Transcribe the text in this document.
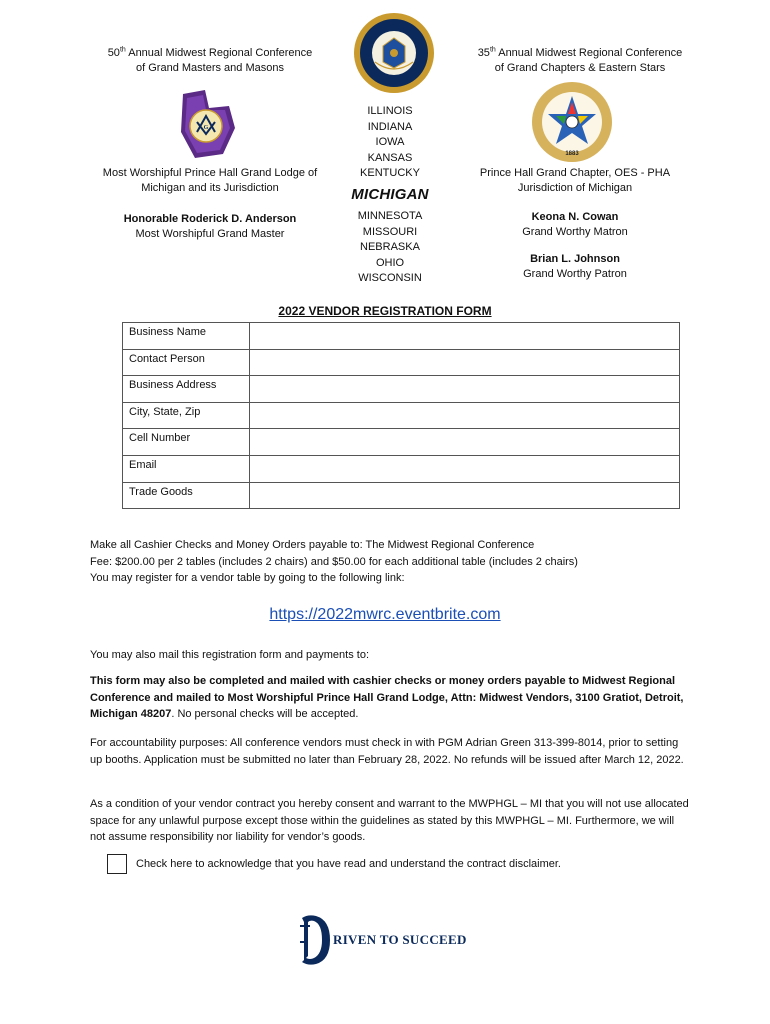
50th Annual Midwest Regional Conference
of Grand Masters and Masons
35th Annual Midwest Regional Conference
of Grand Chapters & Eastern Stars
G
1883
ILLINOIS
INDIANA
IOWA
KANSAS
KENTUCKY
MICHIGAN
MINNESOTA
MISSOURI
NEBRASKA
OHIO
WISCONSIN
Most Worshipful Prince Hall Grand Lodge of
Michigan and its Jurisdiction
Honorable Roderick D. Anderson
Most Worshipful Grand Master
Prince Hall Grand Chapter, OES - PHA
Jurisdiction of Michigan
Keona N. Cowan
Grand Worthy Matron
Brian L. Johnson
Grand Worthy Patron
2022 VENDOR REGISTRATION FORM
Business Name	
Contact Person	
Business Address	
City, State, Zip	
Cell Number	
Email	
Trade Goods	
Make all Cashier Checks and Money Orders payable to: The Midwest Regional Conference
Fee: $200.00 per 2 tables (includes 2 chairs) and $50.00 for each additional table (includes 2 chairs)
You may register for a vendor table by going to the following link:
https://2022mwrc.eventbrite.com
You may also mail this registration form and payments to:
This form may also be completed and mailed with cashier checks or money orders payable to Midwest Regional Conference and mailed to Most Worshipful Prince Hall Grand Lodge, Attn: Midwest Vendors, 3100 Gratiot, Detroit, Michigan 48207. No personal checks will be accepted.
For accountability purposes: All conference vendors must check in with PGM Adrian Green 313-399-8014, prior to setting up booths. Application must be submitted no later than February 28, 2022. No refunds will be issued after March 12, 2022.
As a condition of your vendor contract you hereby consent and warrant to the MWPHGL – MI that you will not use allocated space for any unlawful purpose except those within the guidelines as stated by this MWPHGL – MI. Furthermore, we will not assume responsibility nor liability for vendor’s goods.
Check here to acknowledge that you have read and understand the contract disclaimer.
RIVEN TO SUCCEED
